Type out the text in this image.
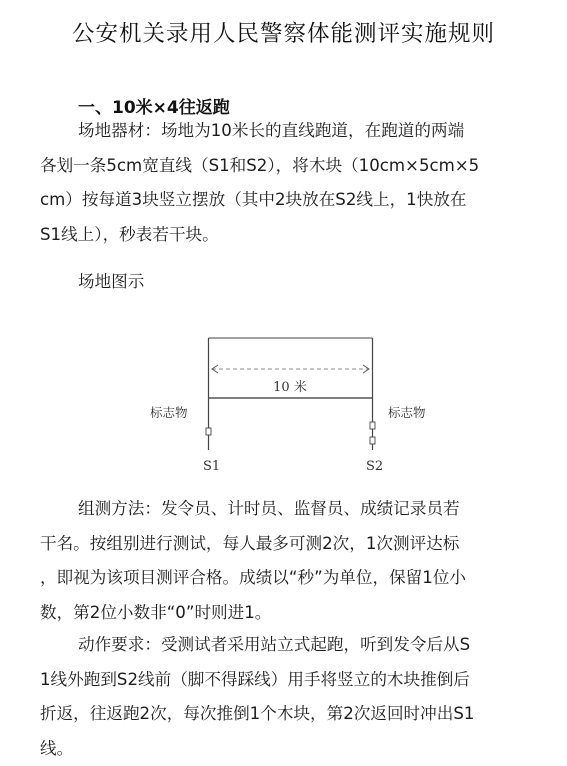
公安机关录用人民警察体能测评实施规则
一、10米×4往返跑
场地器材：场地为10米长的直线跑道，在跑道的两端
各划一条5cm宽直线（S1和S2），将木块（10cm×5cm×5
cm）按每道3块竖立摆放（其中2块放在S2线上，1快放在
S1线上），秒表若干块。
场地图示
10 米
标志物	标志物
S1	S2
组测方法：发令员、计时员、监督员、成绩记录员若
干名。按组别进行测试，每人最多可测2次，1次测评达标
，即视为该项目测评合格。成绩以“秒”为单位，保留1位小
数，第2位小数非“0”时则进1。
动作要求：受测试者采用站立式起跑，听到发令后从S
1线外跑到S2线前（脚不得踩线）用手将竖立的木块推倒后
折返，往返跑2次，每次推倒1个木块，第2次返回时冲出S1
线。
